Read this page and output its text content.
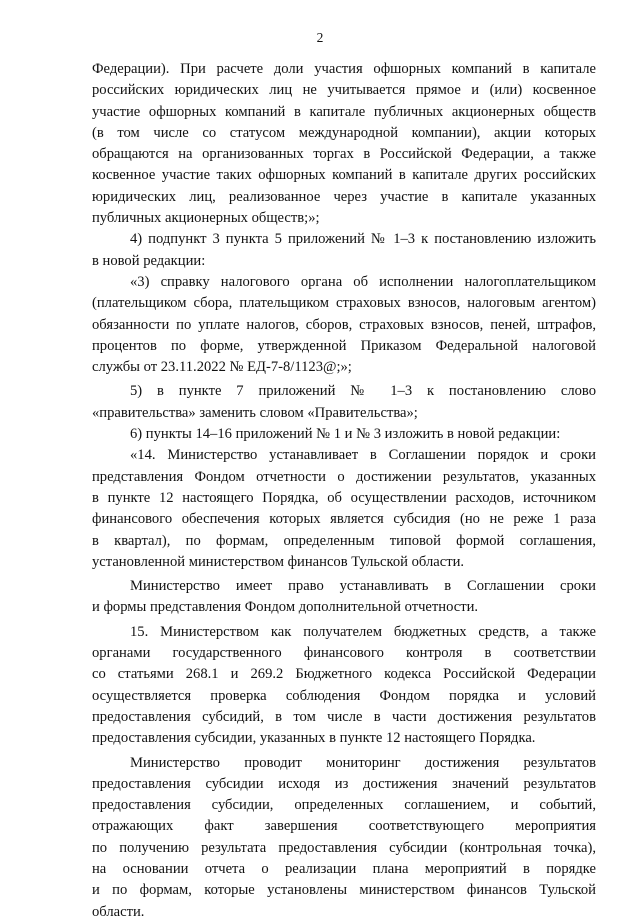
2
Федерации). При расчете доли участия офшорных компаний в капитале
российских юридических лиц не учитывается прямое и (или) косвенное
участие офшорных компаний в капитале публичных акционерных обществ
(в том числе со статусом международной компании), акции которых
обращаются на организованных торгах в Российской Федерации, а также
косвенное участие таких офшорных компаний в капитале других российских
юридических лиц, реализованное через участие в капитале указанных
публичных акционерных обществ;»;
4) подпункт 3 пункта 5 приложений № 1–3 к постановлению изложить
в новой редакции:
«3) справку налогового органа об исполнении налогоплательщиком
(плательщиком сбора, плательщиком страховых взносов, налоговым агентом)
обязанности по уплате налогов, сборов, страховых взносов, пеней, штрафов,
процентов по форме, утвержденной Приказом Федеральной налоговой
службы от 23.11.2022 № ЕД-7-8/1123@;»;
5) в пункте 7 приложений № 1–3 к постановлению слово
«правительства» заменить словом «Правительства»;
6) пункты 14–16 приложений № 1 и № 3 изложить в новой редакции:
«14. Министерство устанавливает в Соглашении порядок и сроки
представления Фондом отчетности о достижении результатов, указанных
в пункте 12 настоящего Порядка, об осуществлении расходов, источником
финансового обеспечения которых является субсидия (но не реже 1 раза
в квартал), по формам, определенным типовой формой соглашения,
установленной министерством финансов Тульской области.
Министерство имеет право устанавливать в Соглашении сроки
и формы представления Фондом дополнительной отчетности.
15. Министерством как получателем бюджетных средств, а также
органами государственного финансового контроля в соответствии
со статьями 268.1 и 269.2 Бюджетного кодекса Российской Федерации
осуществляется проверка соблюдения Фондом порядка и условий
предоставления субсидий, в том числе в части достижения результатов
предоставления субсидии, указанных в пункте 12 настоящего Порядка.
Министерство проводит мониторинг достижения результатов
предоставления субсидии исходя из достижения значений результатов
предоставления субсидии, определенных соглашением, и событий,
отражающих факт завершения соответствующего мероприятия
по получению результата предоставления субсидии (контрольная точка),
на основании отчета о реализации плана мероприятий в порядке
и по формам, которые установлены министерством финансов Тульской
области.
